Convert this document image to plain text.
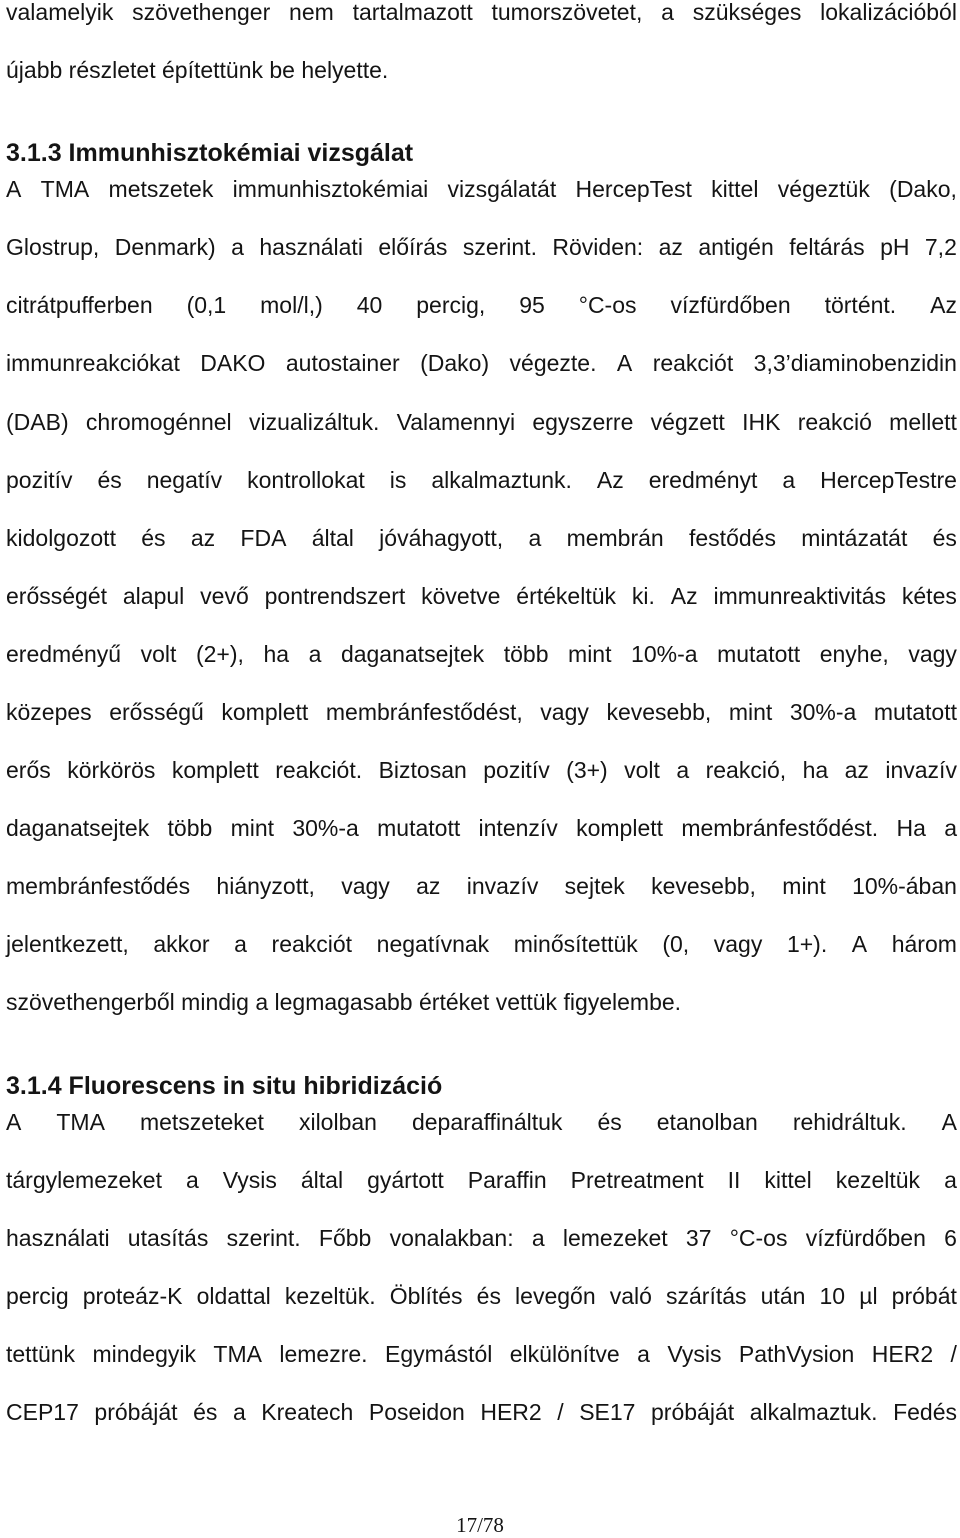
valamelyik szövethenger nem tartalmazott tumorszövetet, a szükséges lokalizációból
újabb részletet építettünk be helyette.
3.1.3 Immunhisztokémiai vizsgálat
A TMA metszetek immunhisztokémiai vizsgálatát HercepTest kittel végeztük (Dako,
Glostrup, Denmark) a használati előírás szerint. Röviden: az antigén feltárás pH 7,2
citrátpufferben (0,1 mol/l,) 40 percig, 95 °C-os vízfürdőben történt. Az
immunreakciókat DAKO autostainer (Dako) végezte. A reakciót 3,3’diaminobenzidin
(DAB) chromogénnel vizualizáltuk. Valamennyi egyszerre végzett IHK reakció mellett
pozitív és negatív kontrollokat is alkalmaztunk. Az eredményt a HercepTestre
kidolgozott és az FDA által jóváhagyott, a membrán festődés mintázatát és
erősségét alapul vevő pontrendszert követve értékeltük ki. Az immunreaktivitás kétes
eredményű volt (2+), ha a daganatsejtek több mint 10%-a mutatott enyhe, vagy
közepes erősségű komplett membránfestődést, vagy kevesebb, mint 30%-a mutatott
erős körkörös komplett reakciót. Biztosan pozitív (3+) volt a reakció, ha az invazív
daganatsejtek több mint 30%-a mutatott intenzív komplett membránfestődést. Ha a
membránfestődés hiányzott, vagy az invazív sejtek kevesebb, mint 10%-ában
jelentkezett, akkor a reakciót negatívnak minősítettük (0, vagy 1+). A három
szövethengerből mindig a legmagasabb értéket vettük figyelembe.
3.1.4 Fluorescens in situ hibridizáció
A TMA metszeteket xilolban deparaffináltuk és etanolban rehidráltuk. A
tárgylemezeket a Vysis által gyártott Paraffin Pretreatment II kittel kezeltük a
használati utasítás szerint. Főbb vonalakban: a lemezeket 37 °C-os vízfürdőben 6
percig proteáz-K oldattal kezeltük. Öblítés és levegőn való szárítás után 10 µl próbát
tettünk mindegyik TMA lemezre. Egymástól elkülönítve a Vysis PathVysion HER2 /
CEP17 próbáját és a Kreatech Poseidon HER2 / SE17 próbáját alkalmaztuk. Fedés
17/78
